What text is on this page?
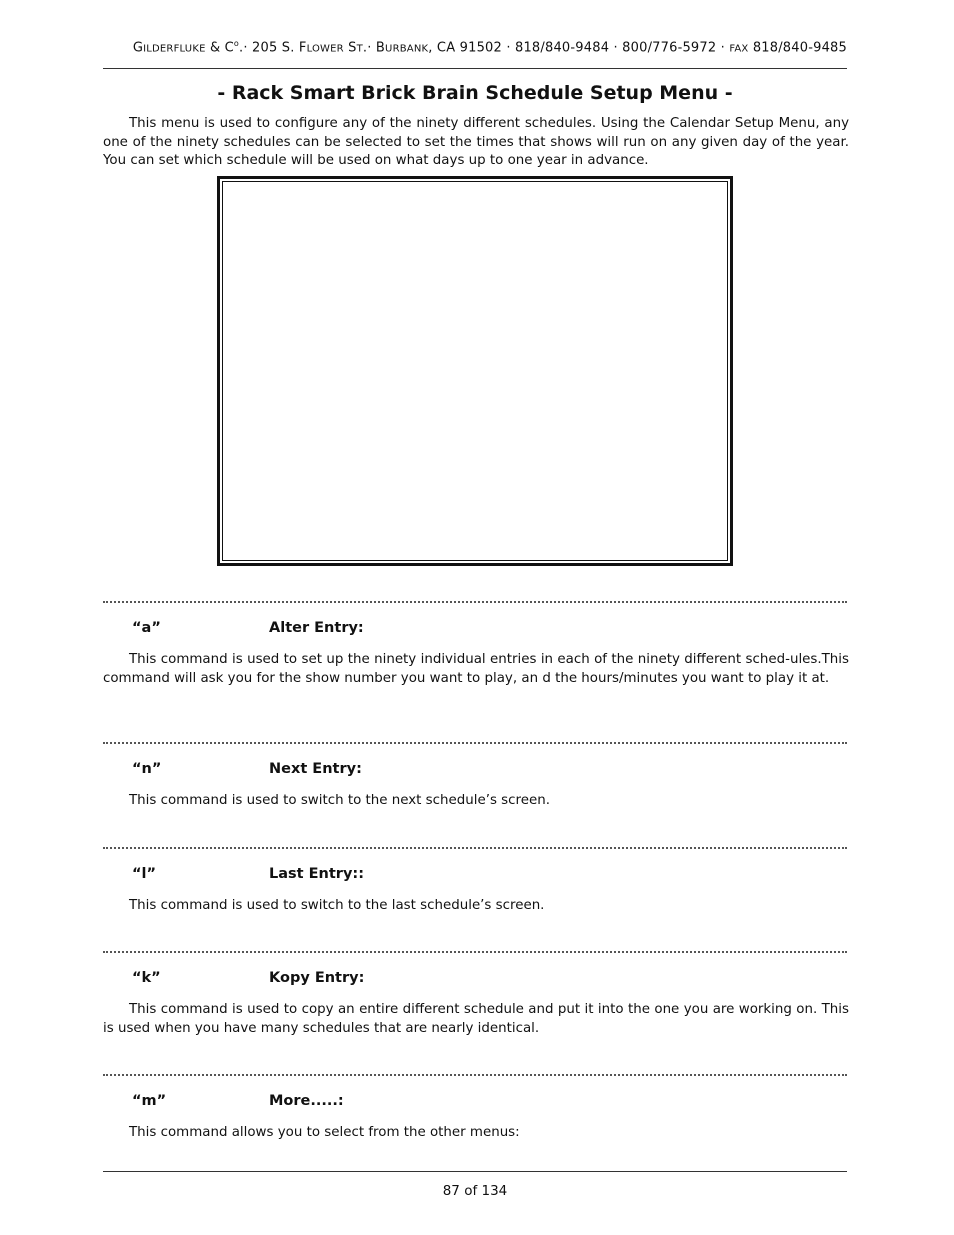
GILDERFLUKE & $C^o.\cdot 205$ S. FLOWER ST.· BURBANK, CA 91502 · 818/840-9484 · 800/776-5972 · FAX 818/840-9485
- Rack Smart Brick Brain Schedule Setup Menu -

This menu is used to configure any of the ninety different schedules. Using the Calendar Setup Menu, any one of the ninety schedules can be selected to set the times that shows will run on any given day of the year. You can set which schedule will be used on what days up to one year in advance.

“a”	Alter Entry:

This command is used to set up the ninety individual entries in each of the ninety different sched-ules.This command will ask you for the show number you want to play, an d the hours/minutes you want to play it at.

“n”	Next Entry:

This command is used to switch to the next schedule’s screen.

“l”	Last Entry::

This command is used to switch to the last schedule’s screen.

“k”	Kopy Entry:

This command is used to copy an entire different schedule and put it into the one you are working on. This is used when you have many schedules that are nearly identical.

“m”	More.....:

This command allows you to select from the other menus:

87 of 134
